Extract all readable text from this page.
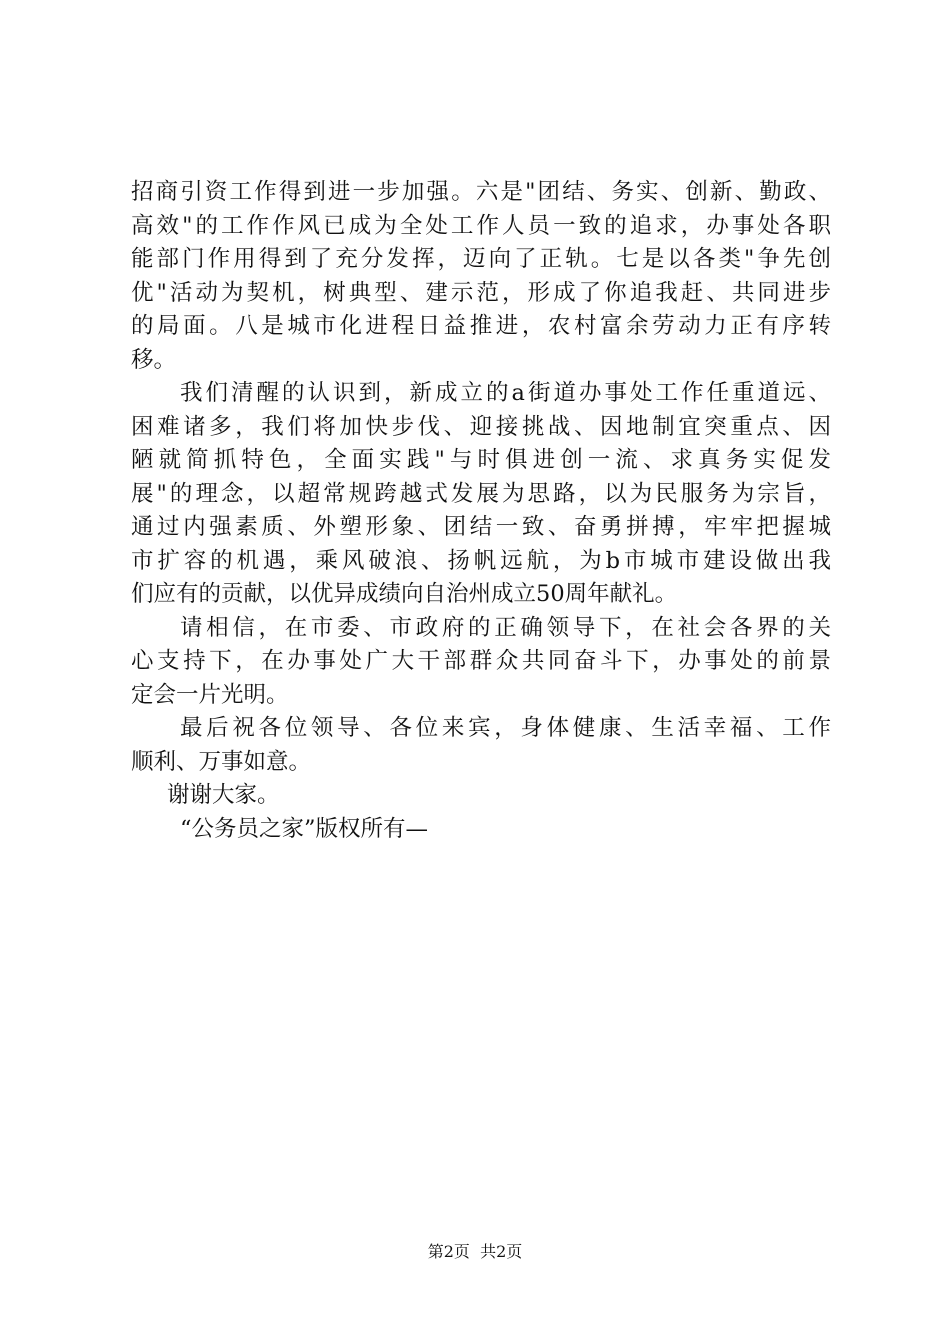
招商引资工作得到进一步加强。六是"团结、务实、创新、勤政、
高效"的工作作风已成为全处工作人员一致的追求，办事处各职
能部门作用得到了充分发挥，迈向了正轨。七是以各类"争先创
优"活动为契机，树典型、建示范，形成了你追我赶、共同进步
的局面。八是城市化进程日益推进，农村富余劳动力正有序转
移。
我们清醒的认识到，新成立的a街道办事处工作任重道远、
困难诸多，我们将加快步伐、迎接挑战、因地制宜突重点、因
陋就简抓特色，全面实践"与时俱进创一流、求真务实促发
展"的理念，以超常规跨越式发展为思路，以为民服务为宗旨，
通过内强素质、外塑形象、团结一致、奋勇拼搏，牢牢把握城
市扩容的机遇，乘风破浪、扬帆远航，为b市城市建设做出我
们应有的贡献，以优异成绩向自治州成立50周年献礼。
请相信，在市委、市政府的正确领导下，在社会各界的关
心支持下，在办事处广大干部群众共同奋斗下，办事处的前景
定会一片光明。
最后祝各位领导、各位来宾，身体健康、生活幸福、工作
顺利、万事如意。
谢谢大家。
“公务员之家”版权所有—
第2页  共2页
